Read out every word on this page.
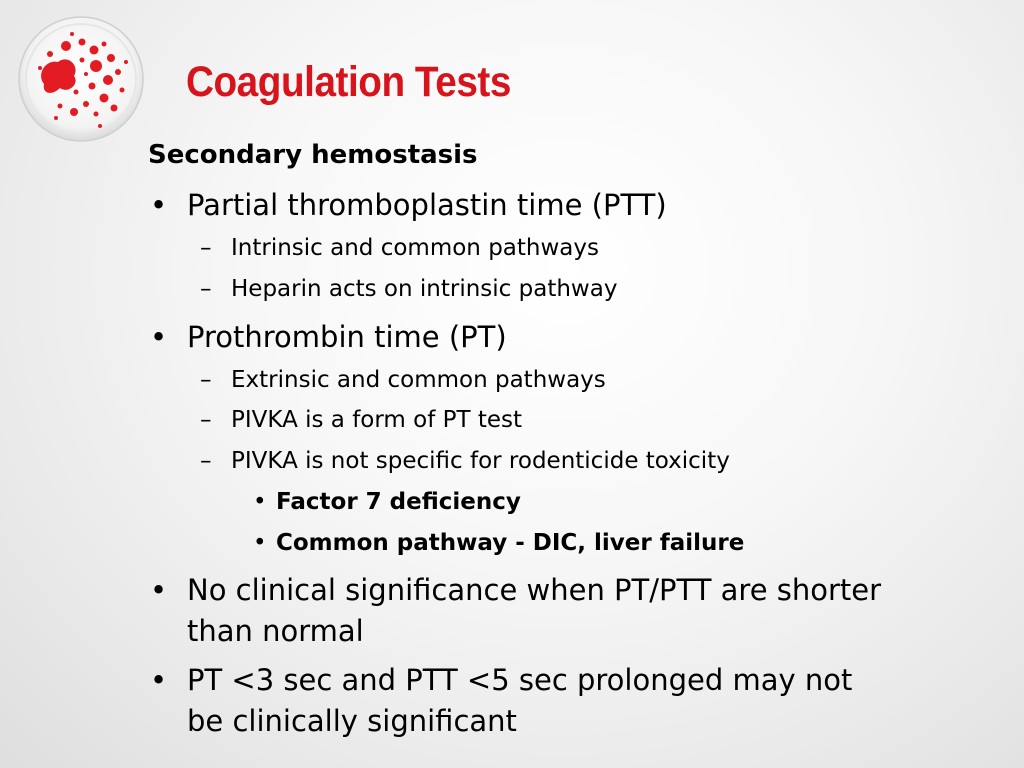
Coagulation Tests
Secondary hemostasis
• Partial thromboplastin time (PTT)
– Intrinsic and common pathways
– Heparin acts on intrinsic pathway
• Prothrombin time (PT)
– Extrinsic and common pathways
– PIVKA is a form of PT test
– PIVKA is not specific for rodenticide toxicity
• Factor 7 deficiency
• Common pathway - DIC, liver failure
• No clinical significance when PT/PTT are shorter
than normal
• PT <3 sec and PTT <5 sec prolonged may not
be clinically significant
